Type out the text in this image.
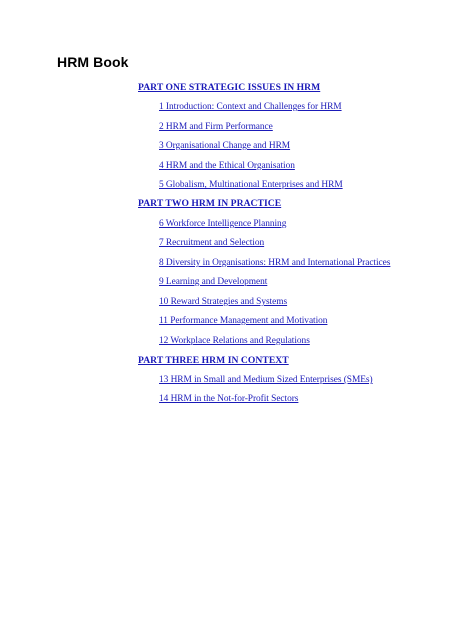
HRM Book
PART ONE STRATEGIC ISSUES IN HRM
1 Introduction: Context and Challenges for HRM
2 HRM and Firm Performance
3 Organisational Change and HRM
4 HRM and the Ethical Organisation
5 Globalism, Multinational Enterprises and HRM
PART TWO HRM IN PRACTICE
6 Workforce Intelligence Planning
7 Recruitment and Selection
8 Diversity in Organisations: HRM and International Practices
9 Learning and Development
10 Reward Strategies and Systems
11 Performance Management and Motivation
12 Workplace Relations and Regulations
PART THREE HRM IN CONTEXT
13 HRM in Small and Medium Sized Enterprises (SMEs)
14 HRM in the Not-for-Profit Sectors
